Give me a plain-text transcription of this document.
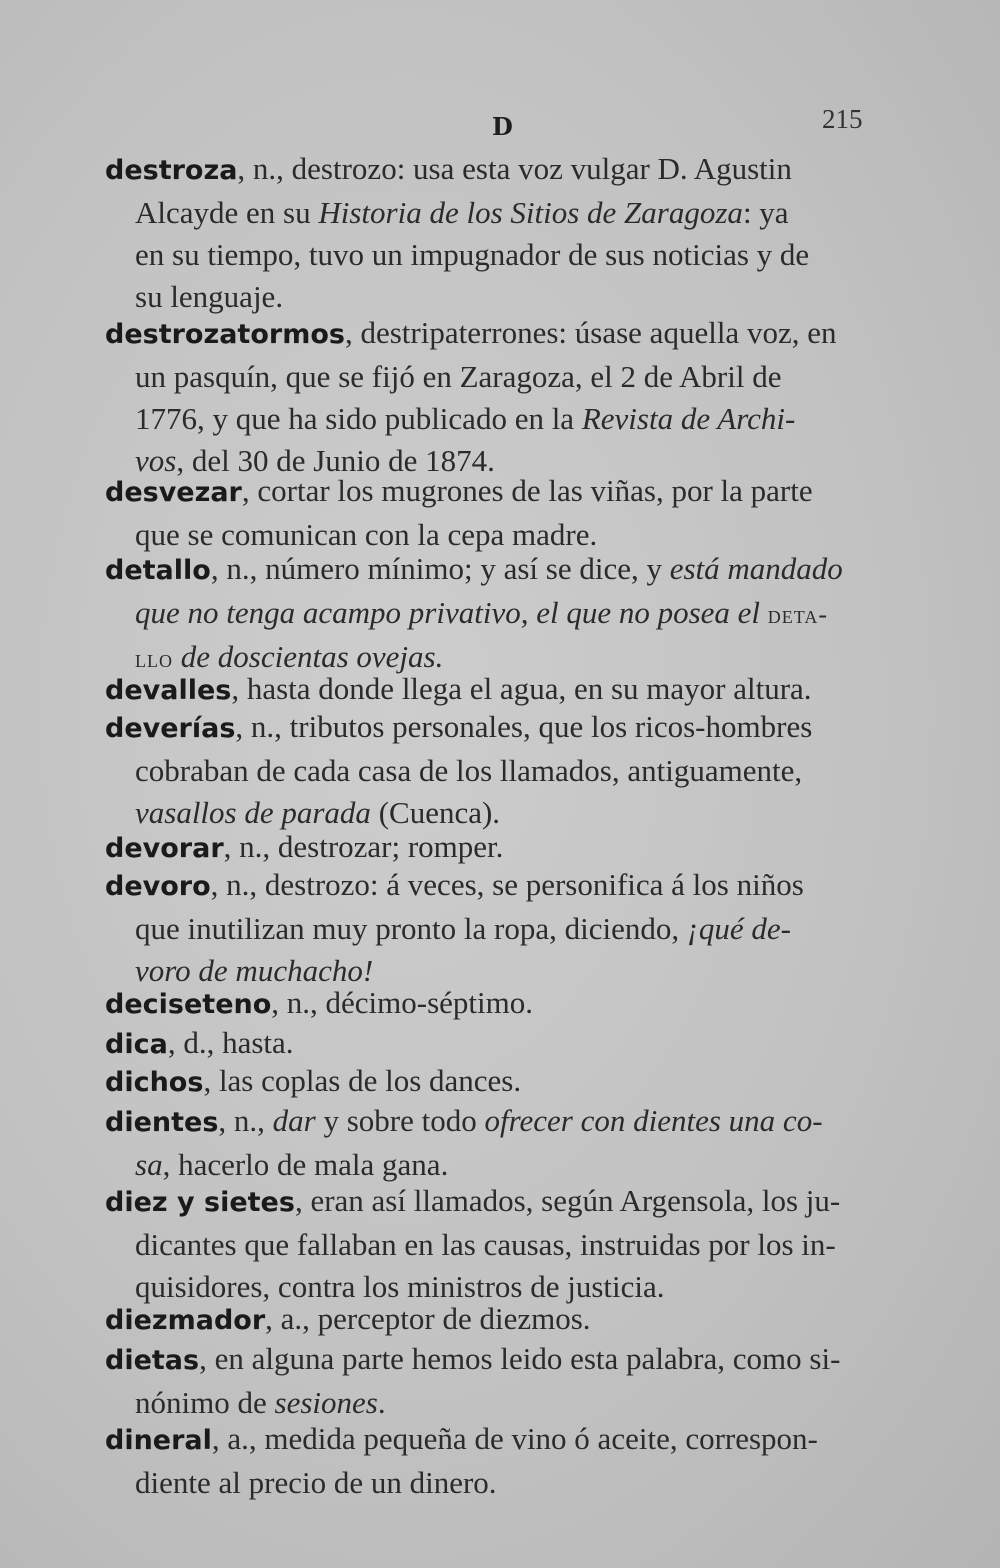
D	215
destroza, n., destrozo: usa esta voz vulgar D. Agustin
Alcayde en su Historia de los Sitios de Zaragoza: ya
en su tiempo, tuvo un impugnador de sus noticias y de
su lenguaje.
destrozatormos, destripaterrones: úsase aquella voz, en
un pasquín, que se fijó en Zaragoza, el 2 de Abril de
1776, y que ha sido publicado en la Revista de Archi-
vos, del 30 de Junio de 1874.
desvezar, cortar los mugrones de las viñas, por la parte
que se comunican con la cepa madre.
detallo, n., número mínimo; y así se dice, y está mandado
que no tenga acampo privativo, el que no posea el deta-
llo de doscientas ovejas.
devalles, hasta donde llega el agua, en su mayor altura.
deverías, n., tributos personales, que los ricos-hombres
cobraban de cada casa de los llamados, antiguamente,
vasallos de parada (Cuenca).
devorar, n., destrozar; romper.
devoro, n., destrozo: á veces, se personifica á los niños
que inutilizan muy pronto la ropa, diciendo, ¡qué de-
voro de muchacho!
deciseteno, n., décimo-séptimo.
dica, d., hasta.
dichos, las coplas de los dances.
dientes, n., dar y sobre todo ofrecer con dientes una co-
sa, hacerlo de mala gana.
diez y sietes, eran así llamados, según Argensola, los ju-
dicantes que fallaban en las causas, instruidas por los in-
quisidores, contra los ministros de justicia.
diezmador, a., perceptor de diezmos.
dietas, en alguna parte hemos leido esta palabra, como si-
nónimo de sesiones.
dineral, a., medida pequeña de vino ó aceite, correspon-
diente al precio de un dinero.
